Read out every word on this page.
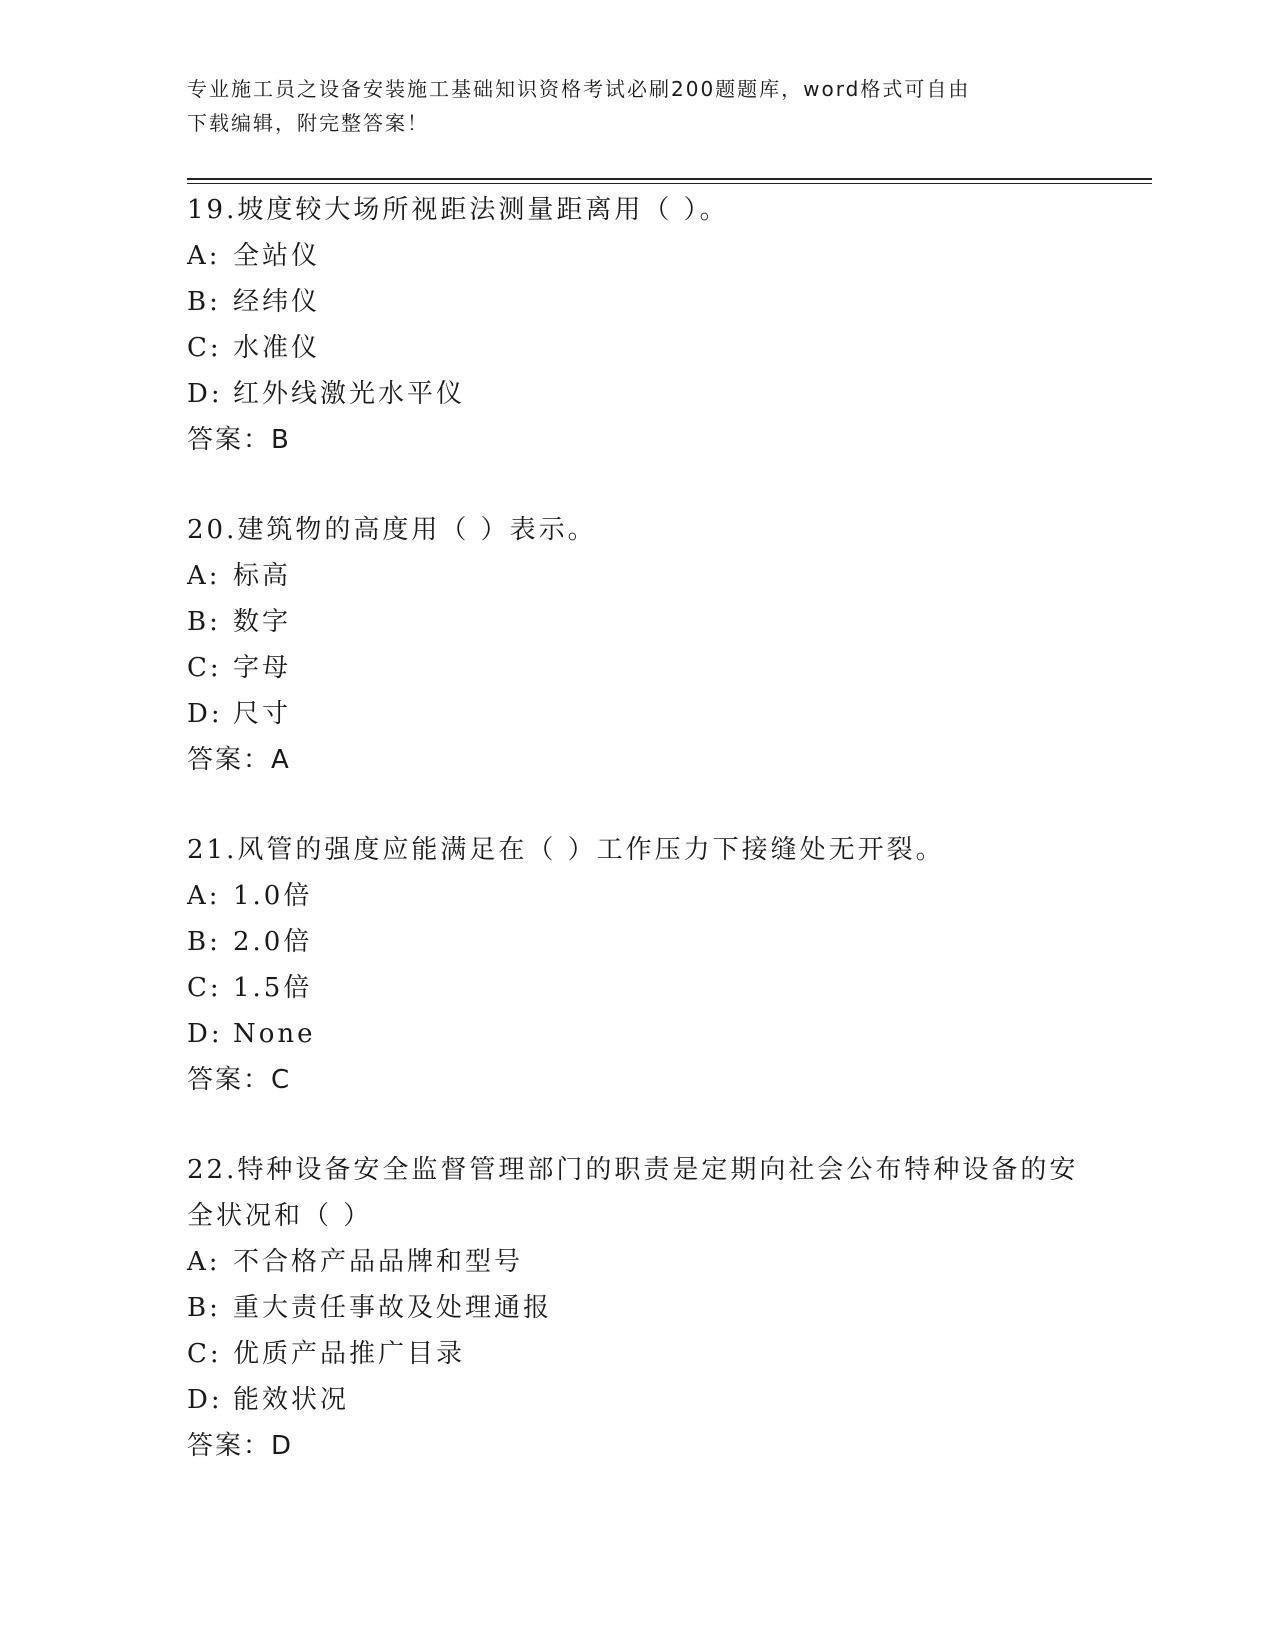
专业施工员之设备安装施工基础知识资格考试必刷200题题库，word格式可自由
下载编辑，附完整答案！
19.坡度较大场所视距法测量距离用（ ）。
A: 全站仪
B: 经纬仪
C: 水准仪
D: 红外线激光水平仪
答案：B
20.建筑物的高度用（ ）表示。
A: 标高
B: 数字
C: 字母
D: 尺寸
答案：A
21.风管的强度应能满足在（ ）工作压力下接缝处无开裂。
A: 1.0倍
B: 2.0倍
C: 1.5倍
D: None
答案：C
22.特种设备安全监督管理部门的职责是定期向社会公布特种设备的安全状况和（ ）
A: 不合格产品品牌和型号
B: 重大责任事故及处理通报
C: 优质产品推广目录
D: 能效状况
答案：D
